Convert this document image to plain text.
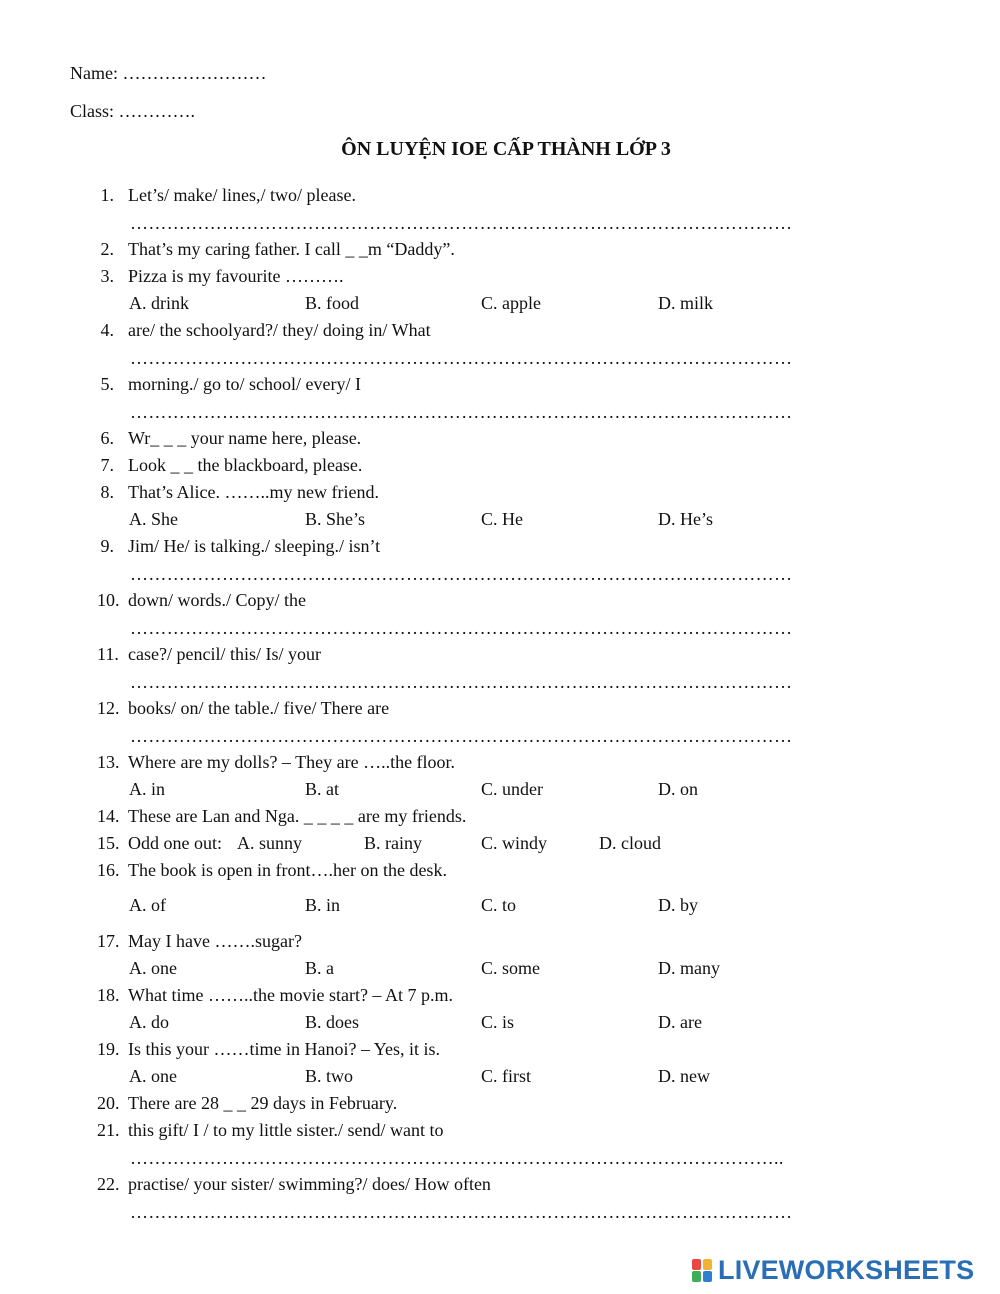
Name: ……………………
Class: ………….
ÔN LUYỆN IOE CẤP THÀNH LỚP 3
1. Let’s/ make/ lines,/ two/ please.
………………………………………………………………………………………………
2. That’s my caring father. I call _ _m “Daddy”.
3. Pizza is my favourite ……….
A. drink	B. food	C. apple	D. milk
4. are/ the schoolyard?/ they/ doing in/ What
………………………………………………………………………………………………
5. morning./ go to/ school/ every/ I
………………………………………………………………………………………………
6. Wr_ _ _ your name here, please.
7. Look _ _ the blackboard, please.
8. That’s Alice. ……..my new friend.
A. She	B. She’s	C. He	D. He’s
9. Jim/ He/ is talking./ sleeping./ isn’t
………………………………………………………………………………………………
10. down/ words./ Copy/ the
………………………………………………………………………………………………
11. case?/ pencil/ this/ Is/ your
………………………………………………………………………………………………
12. books/ on/ the table./ five/ There are
………………………………………………………………………………………………
13. Where are my dolls? – They are …..the floor.
A. in	B. at	C. under	D. on
14. These are Lan and Nga. _ _ _ _ are my friends.
15. Odd one out: A. sunny	B. rainy	C. windy	D. cloud
16. The book is open in front….her on the desk.
A. of	B. in	C. to	D. by
17. May I have …….sugar?
A. one	B. a	C. some	D. many
18. What time ……..the movie start? – At 7 p.m.
A. do	B. does	C. is	D. are
19. Is this your ……time in Hanoi? – Yes, it is.
A. one	B. two	C. first	D. new
20. There are 28 _ _ 29 days in February.
21. this gift/ I / to my little sister./ send/ want to
……………………………………………………………………………………………..
22. practise/ your sister/ swimming?/ does/ How often
………………………………………………………………………………………………
LIVEWORKSHEETS
